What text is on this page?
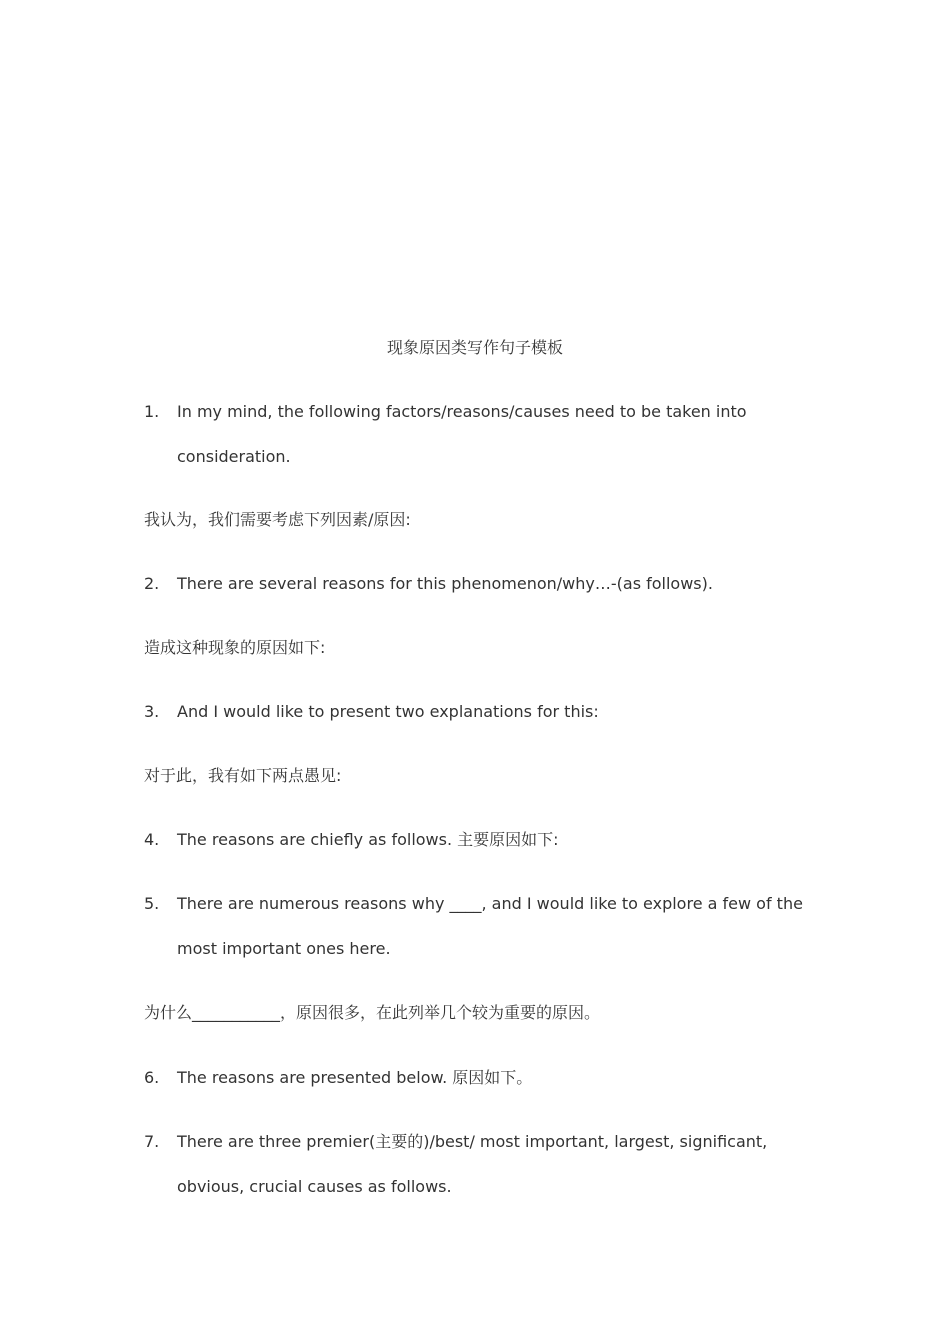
现象原因类写作句子模板
1.	In my mind, the following factors/reasons/causes need to be taken into consideration.
我认为，我们需要考虑下列因素/原因:
2.	There are several reasons for this phenomenon/why…-(as follows).
造成这种现象的原因如下:
3.	And I would like to present two explanations for this:
对于此，我有如下两点愚见:
4.	The reasons are chiefly as follows. 主要原因如下:
5.	There are numerous reasons why ____, and I would like to explore a few of the most important ones here.
为什么___________，原因很多，在此列举几个较为重要的原因。
6.	The reasons are presented below. 原因如下。
7.	There are three premier(主要的)/best/ most important, largest, significant, obvious, crucial causes as follows.
